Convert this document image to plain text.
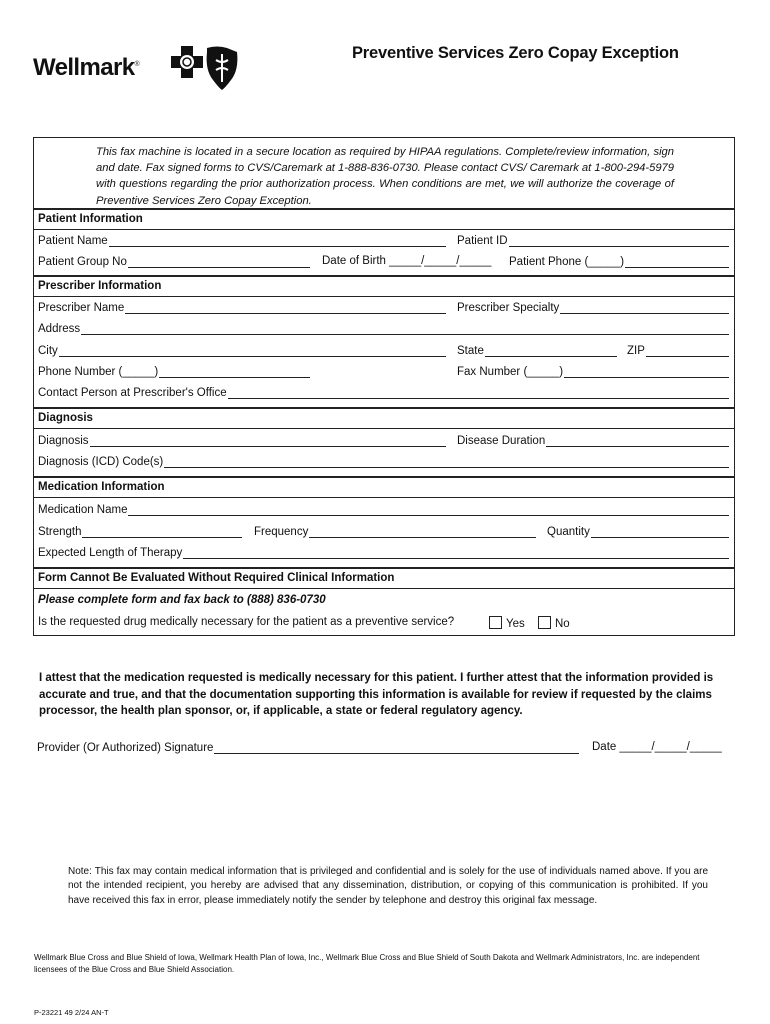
Wellmark®
Preventive Services Zero Copay Exception
This fax machine is located in a secure location as required by HIPAA regulations. Complete/review information, sign and date. Fax signed forms to CVS/Caremark at 1-888-836-0730. Please contact CVS/ Caremark at 1-800-294-5979 with questions regarding the prior authorization process. When conditions are met, we will authorize the coverage of Preventive Services Zero Copay Exception.
Patient Information
Patient Name	Patient ID
Patient Group No	Date of Birth _____/_____/_____ Patient Phone (_____)
Prescriber Information
Prescriber Name	Prescriber Specialty
Address
City	State	ZIP
Phone Number (_____)	Fax Number (_____)
Contact Person at Prescriber's Office
Diagnosis
Diagnosis	Disease Duration
Diagnosis (ICD) Code(s)
Medication Information
Medication Name
Strength	Frequency	Quantity
Expected Length of Therapy
Form Cannot Be Evaluated Without Required Clinical Information
Please complete form and fax back to (888) 836-0730
Is the requested drug medically necessary for the patient as a preventive service?	Yes	No
I attest that the medication requested is medically necessary for this patient. I further attest that the information provided is accurate and true, and that the documentation supporting this information is available for review if requested by the claims processor, the health plan sponsor, or, if applicable, a state or federal regulatory agency.
Provider (Or Authorized) Signature	Date _____/_____/_____
Note: This fax may contain medical information that is privileged and confidential and is solely for the use of individuals named above. If you are not the intended recipient, you hereby are advised that any dissemination, distribution, or copying of this communication is prohibited. If you have received this fax in error, please immediately notify the sender by telephone and destroy this original fax message.
Wellmark Blue Cross and Blue Shield of Iowa, Wellmark Health Plan of Iowa, Inc., Wellmark Blue Cross and Blue Shield of South Dakota and Wellmark Administrators, Inc. are independent licensees of the Blue Cross and Blue Shield Association.
P-23221 49 2/24 AN-T
